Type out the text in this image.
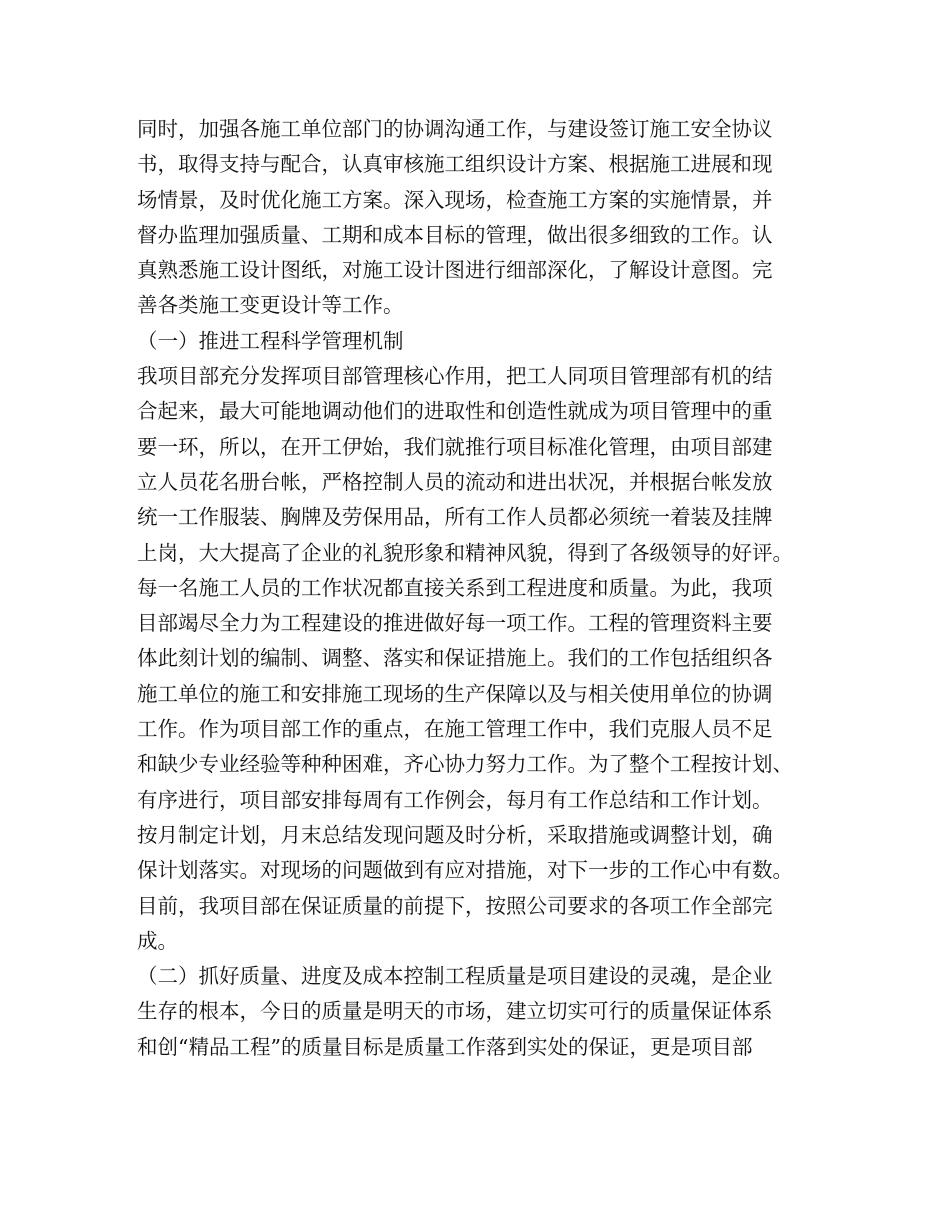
同时，加强各施工单位部门的协调沟通工作，与建设签订施工安全协议
书，取得支持与配合，认真审核施工组织设计方案、根据施工进展和现
场情景，及时优化施工方案。深入现场，检查施工方案的实施情景，并
督办监理加强质量、工期和成本目标的管理，做出很多细致的工作。认
真熟悉施工设计图纸，对施工设计图进行细部深化，了解设计意图。完
善各类施工变更设计等工作。
（一）推进工程科学管理机制
我项目部充分发挥项目部管理核心作用，把工人同项目管理部有机的结
合起来，最大可能地调动他们的进取性和创造性就成为项目管理中的重
要一环，所以，在开工伊始，我们就推行项目标准化管理，由项目部建
立人员花名册台帐，严格控制人员的流动和进出状况，并根据台帐发放
统一工作服装、胸牌及劳保用品，所有工作人员都必须统一着装及挂牌
上岗，大大提高了企业的礼貌形象和精神风貌，得到了各级领导的好评。
每一名施工人员的工作状况都直接关系到工程进度和质量。为此，我项
目部竭尽全力为工程建设的推进做好每一项工作。工程的管理资料主要
体此刻计划的编制、调整、落实和保证措施上。我们的工作包括组织各
施工单位的施工和安排施工现场的生产保障以及与相关使用单位的协调
工作。作为项目部工作的重点，在施工管理工作中，我们克服人员不足
和缺少专业经验等种种困难，齐心协力努力工作。为了整个工程按计划、
有序进行，项目部安排每周有工作例会，每月有工作总结和工作计划。
按月制定计划，月末总结发现问题及时分析，采取措施或调整计划，确
保计划落实。对现场的问题做到有应对措施，对下一步的工作心中有数。
目前，我项目部在保证质量的前提下，按照公司要求的各项工作全部完
成。
（二）抓好质量、进度及成本控制工程质量是项目建设的灵魂，是企业
生存的根本，今日的质量是明天的市场，建立切实可行的质量保证体系
和创“精品工程”的质量目标是质量工作落到实处的保证，更是项目部
